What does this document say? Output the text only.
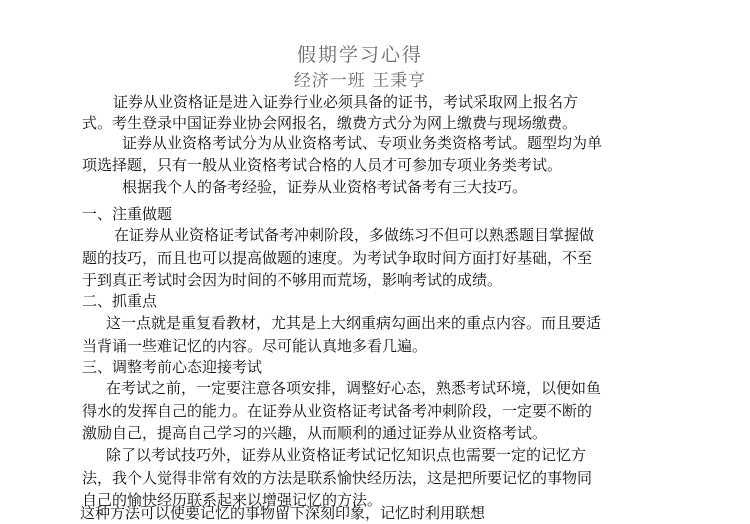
假期学习心得
经济一班 王秉亨
证券从业资格证是进入证券行业必须具备的证书，考试采取网上报名方
式。考生登录中国证券业协会网报名，缴费方式分为网上缴费与现场缴费。
证券从业资格考试分为从业资格考试、专项业务类资格考试。题型均为单
项选择题，只有一般从业资格考试合格的人员才可参加专项业务类考试。
根据我个人的备考经验，证券从业资格考试备考有三大技巧。
一、注重做题
在证券从业资格证考试备考冲刺阶段，多做练习不但可以熟悉题目掌握做
题的技巧，而且也可以提高做题的速度。为考试争取时间方面打好基础，不至
于到真正考试时会因为时间的不够用而荒场，影响考试的成绩。
二、抓重点
这一点就是重复看教材，尤其是上大纲重病勾画出来的重点内容。而且要适
当背诵一些难记忆的内容。尽可能认真地多看几遍。
三、调整考前心态迎接考试
在考试之前，一定要注意各项安排，调整好心态，熟悉考试环境，以便如鱼
得水的发挥自己的能力。在证券从业资格证考试备考冲刺阶段，一定要不断的
激励自己，提高自己学习的兴趣，从而顺利的通过证券从业资格考试。
除了以考试技巧外，证券从业资格证考试记忆知识点也需要一定的记忆方
法，我个人觉得非常有效的方法是联系愉快经历法，这是把所要记忆的事物同
自己的愉快经历联系起来以增强记忆的方法。
这种方法可以使要记忆的事物留下深刻印象，记忆时利用联想
